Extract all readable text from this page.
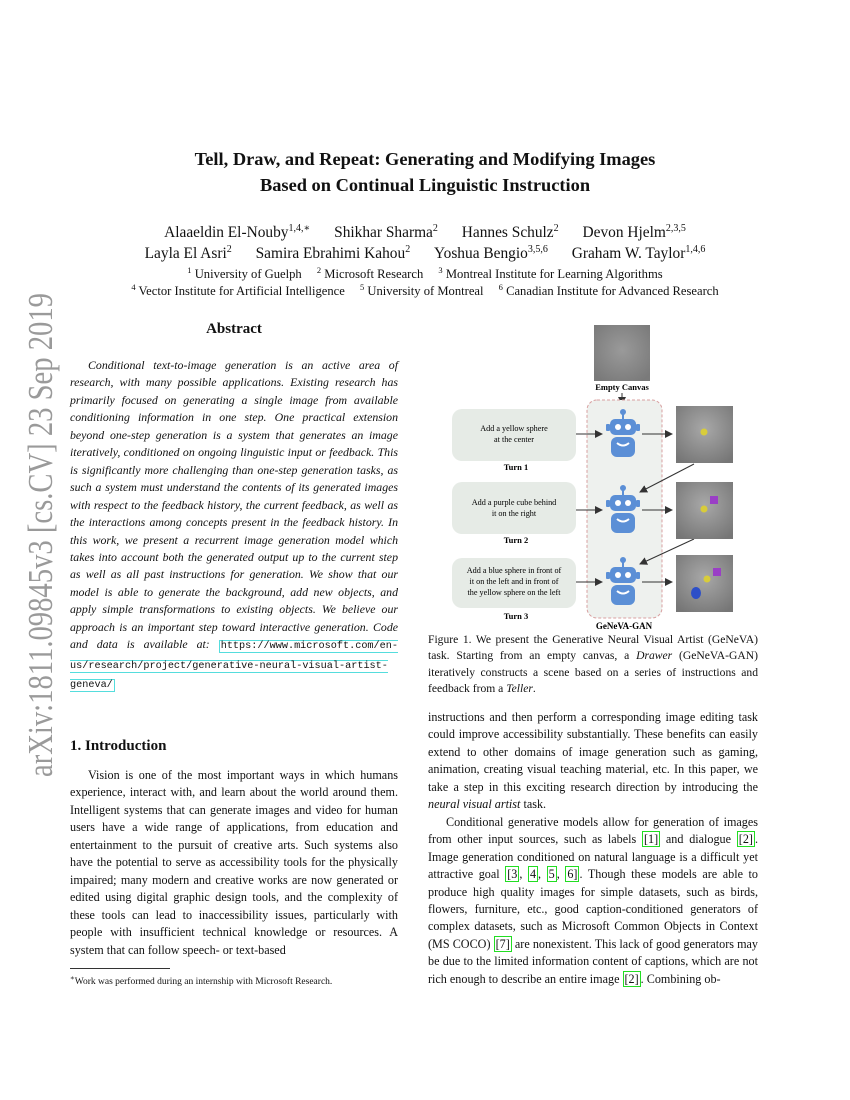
arXiv:1811.09845v3 [cs.CV] 23 Sep 2019
Tell, Draw, and Repeat: Generating and Modifying Images
Based on Continual Linguistic Instruction
Alaaeldin El-Nouby$^{1,4,∗}$ Shikhar Sharma$^2$ Hannes Schulz$^2$ Devon Hjelm$^{2,3,5}$
Layla El Asri$^2$ Samira Ebrahimi Kahou$^2$ Yoshua Bengio$^{3,5,6}$ Graham W. Taylor$^{1,4,6}$
$^1$ University of Guelph $^2$ Microsoft Research $^3$ Montreal Institute for Learning Algorithms
$^4$ Vector Institute for Artificial Intelligence $^5$ University of Montreal $^6$ Canadian Institute for Advanced Research
Abstract
Conditional text-to-image generation is an active area of research, with many possible applications. Existing research has primarily focused on generating a single image from available conditioning information in one step. One practical extension beyond one-step generation is a system that generates an image iteratively, conditioned on ongoing linguistic input or feedback. This is significantly more challenging than one-step generation tasks, as such a system must understand the contents of its generated images with respect to the feedback history, the current feedback, as well as the interactions among concepts present in the feedback history. In this work, we present a recurrent image generation model which takes into account both the generated output up to the current step as well as all past instructions for generation. We show that our model is able to generate the background, add new objects, and apply simple transformations to existing objects. We believe our approach is an important step toward interactive generation. Code and data is available at: https://www.microsoft.com/en-us/research/project/generative-neural-visual-artist-geneva/
1. Introduction
Vision is one of the most important ways in which humans experience, interact with, and learn about the world around them. Intelligent systems that can generate images and video for human users have a wide range of applications, from education and entertainment to the pursuit of creative arts. Such systems also have the potential to serve as accessibility tools for the physically impaired; many modern and creative works are now generated or edited using digital graphic design tools, and the complexity of these tools can lead to inaccessibility issues, particularly with people with insufficient technical knowledge or resources. A system that can follow speech- or text-based
∗Work was performed during an internship with Microsoft Research.
Empty Canvas
GeNeVA-GAN
Add a yellow sphere
at the center
Turn 1
Add a purple cube behind
it on the right
Turn 2
Add a blue sphere in front of
it on the left and in front of
the yellow sphere on the left
Turn 3
Figure 1. We present the Generative Neural Visual Artist (GeNeVA) task. Starting from an empty canvas, a Drawer (GeNeVA-GAN) iteratively constructs a scene based on a series of instructions and feedback from a Teller.

instructions and then perform a corresponding image editing task could improve accessibility substantially. These benefits can easily extend to other domains of image generation such as gaming, animation, creating visual teaching material, etc. In this paper, we take a step in this exciting research direction by introducing the neural visual artist task.

Conditional generative models allow for generation of images from other input sources, such as labels [1] and dialogue [2] . Image generation conditioned on natural language is a difficult yet attractive goal [3 , 4 , 5 , 6] . Though these models are able to produce high quality images for simple datasets, such as birds, flowers, furniture, etc., good caption-conditioned generators of complex datasets, such as Microsoft Common Objects in Context (MS COCO) [7] are nonexistent. This lack of good generators may be due to the limited information content of captions, which are not rich enough to describe an entire image [2] . Combining ob-
